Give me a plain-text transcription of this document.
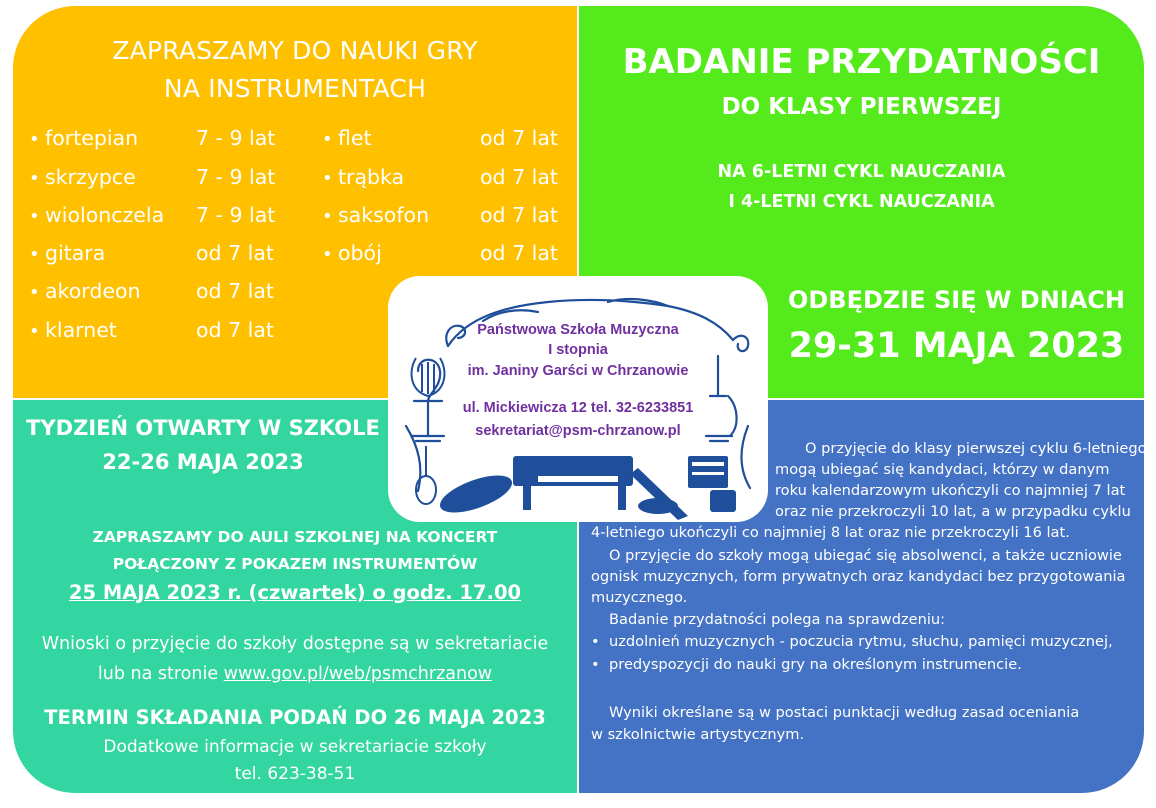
ZAPRASZAMY DO NAUKI GRY
NA INSTRUMENTACH
• fortepian	7 - 9 lat
• skrzypce	7 - 9 lat
• wiolonczela 7 - 9 lat
• gitara	od 7 lat
• akordeon	od 7 lat
• klarnet	od 7 lat
• flet	od 7 lat
• trąbka	od 7 lat
• saksofon od 7 lat
• obój	od 7 lat
BADANIE PRZYDATNOŚCI
DO KLASY PIERWSZEJ
NA 6-LETNI CYKL NAUCZANIA
I 4-LETNI CYKL NAUCZANIA
ODBĘDZIE SIĘ W DNIACH
29-31 MAJA 2023
TYDZIEŃ OTWARTY W SZKOLE
22-26 MAJA 2023
ZAPRASZAMY DO AULI SZKOLNEJ NA KONCERT
POŁĄCZONY Z POKAZEM INSTRUMENTÓW
25 MAJA 2023 r. (czwartek) o godz. 17.00
Wnioski o przyjęcie do szkoły dostępne są w sekretariacie
lub na stronie www.gov.pl/web/psmchrzanow
TERMIN SKŁADANIA PODAŃ DO 26 MAJA 2023
Dodatkowe informacje w sekretariacie szkoły
tel. 623-38-51
O przyjęcie do klasy pierwszej cyklu 6-letniego
mogą ubiegać się kandydaci, którzy w danym
roku kalendarzowym ukończyli co najmniej 7 lat
oraz nie przekroczyli 10 lat, a w przypadku cyklu
4-letniego ukończyli co najmniej 8 lat oraz nie przekroczyli 16 lat.
O przyjęcie do szkoły mogą ubiegać się absolwenci, a także uczniowie
ognisk muzycznych, form prywatnych oraz kandydaci bez przygotowania
muzycznego.
Badanie przydatności polega na sprawdzeniu:
• uzdolnień muzycznych - poczucia rytmu, słuchu, pamięci muzycznej,
• predyspozycji do nauki gry na określonym instrumencie.
Wyniki określane są w postaci punktacji według zasad oceniania
w szkolnictwie artystycznym.
Państwowa Szkoła Muzyczna
I stopnia
im. Janiny Garści w Chrzanowie
ul. Mickiewicza 12 tel. 32-6233851
sekretariat@psm-chrzanow.pl
